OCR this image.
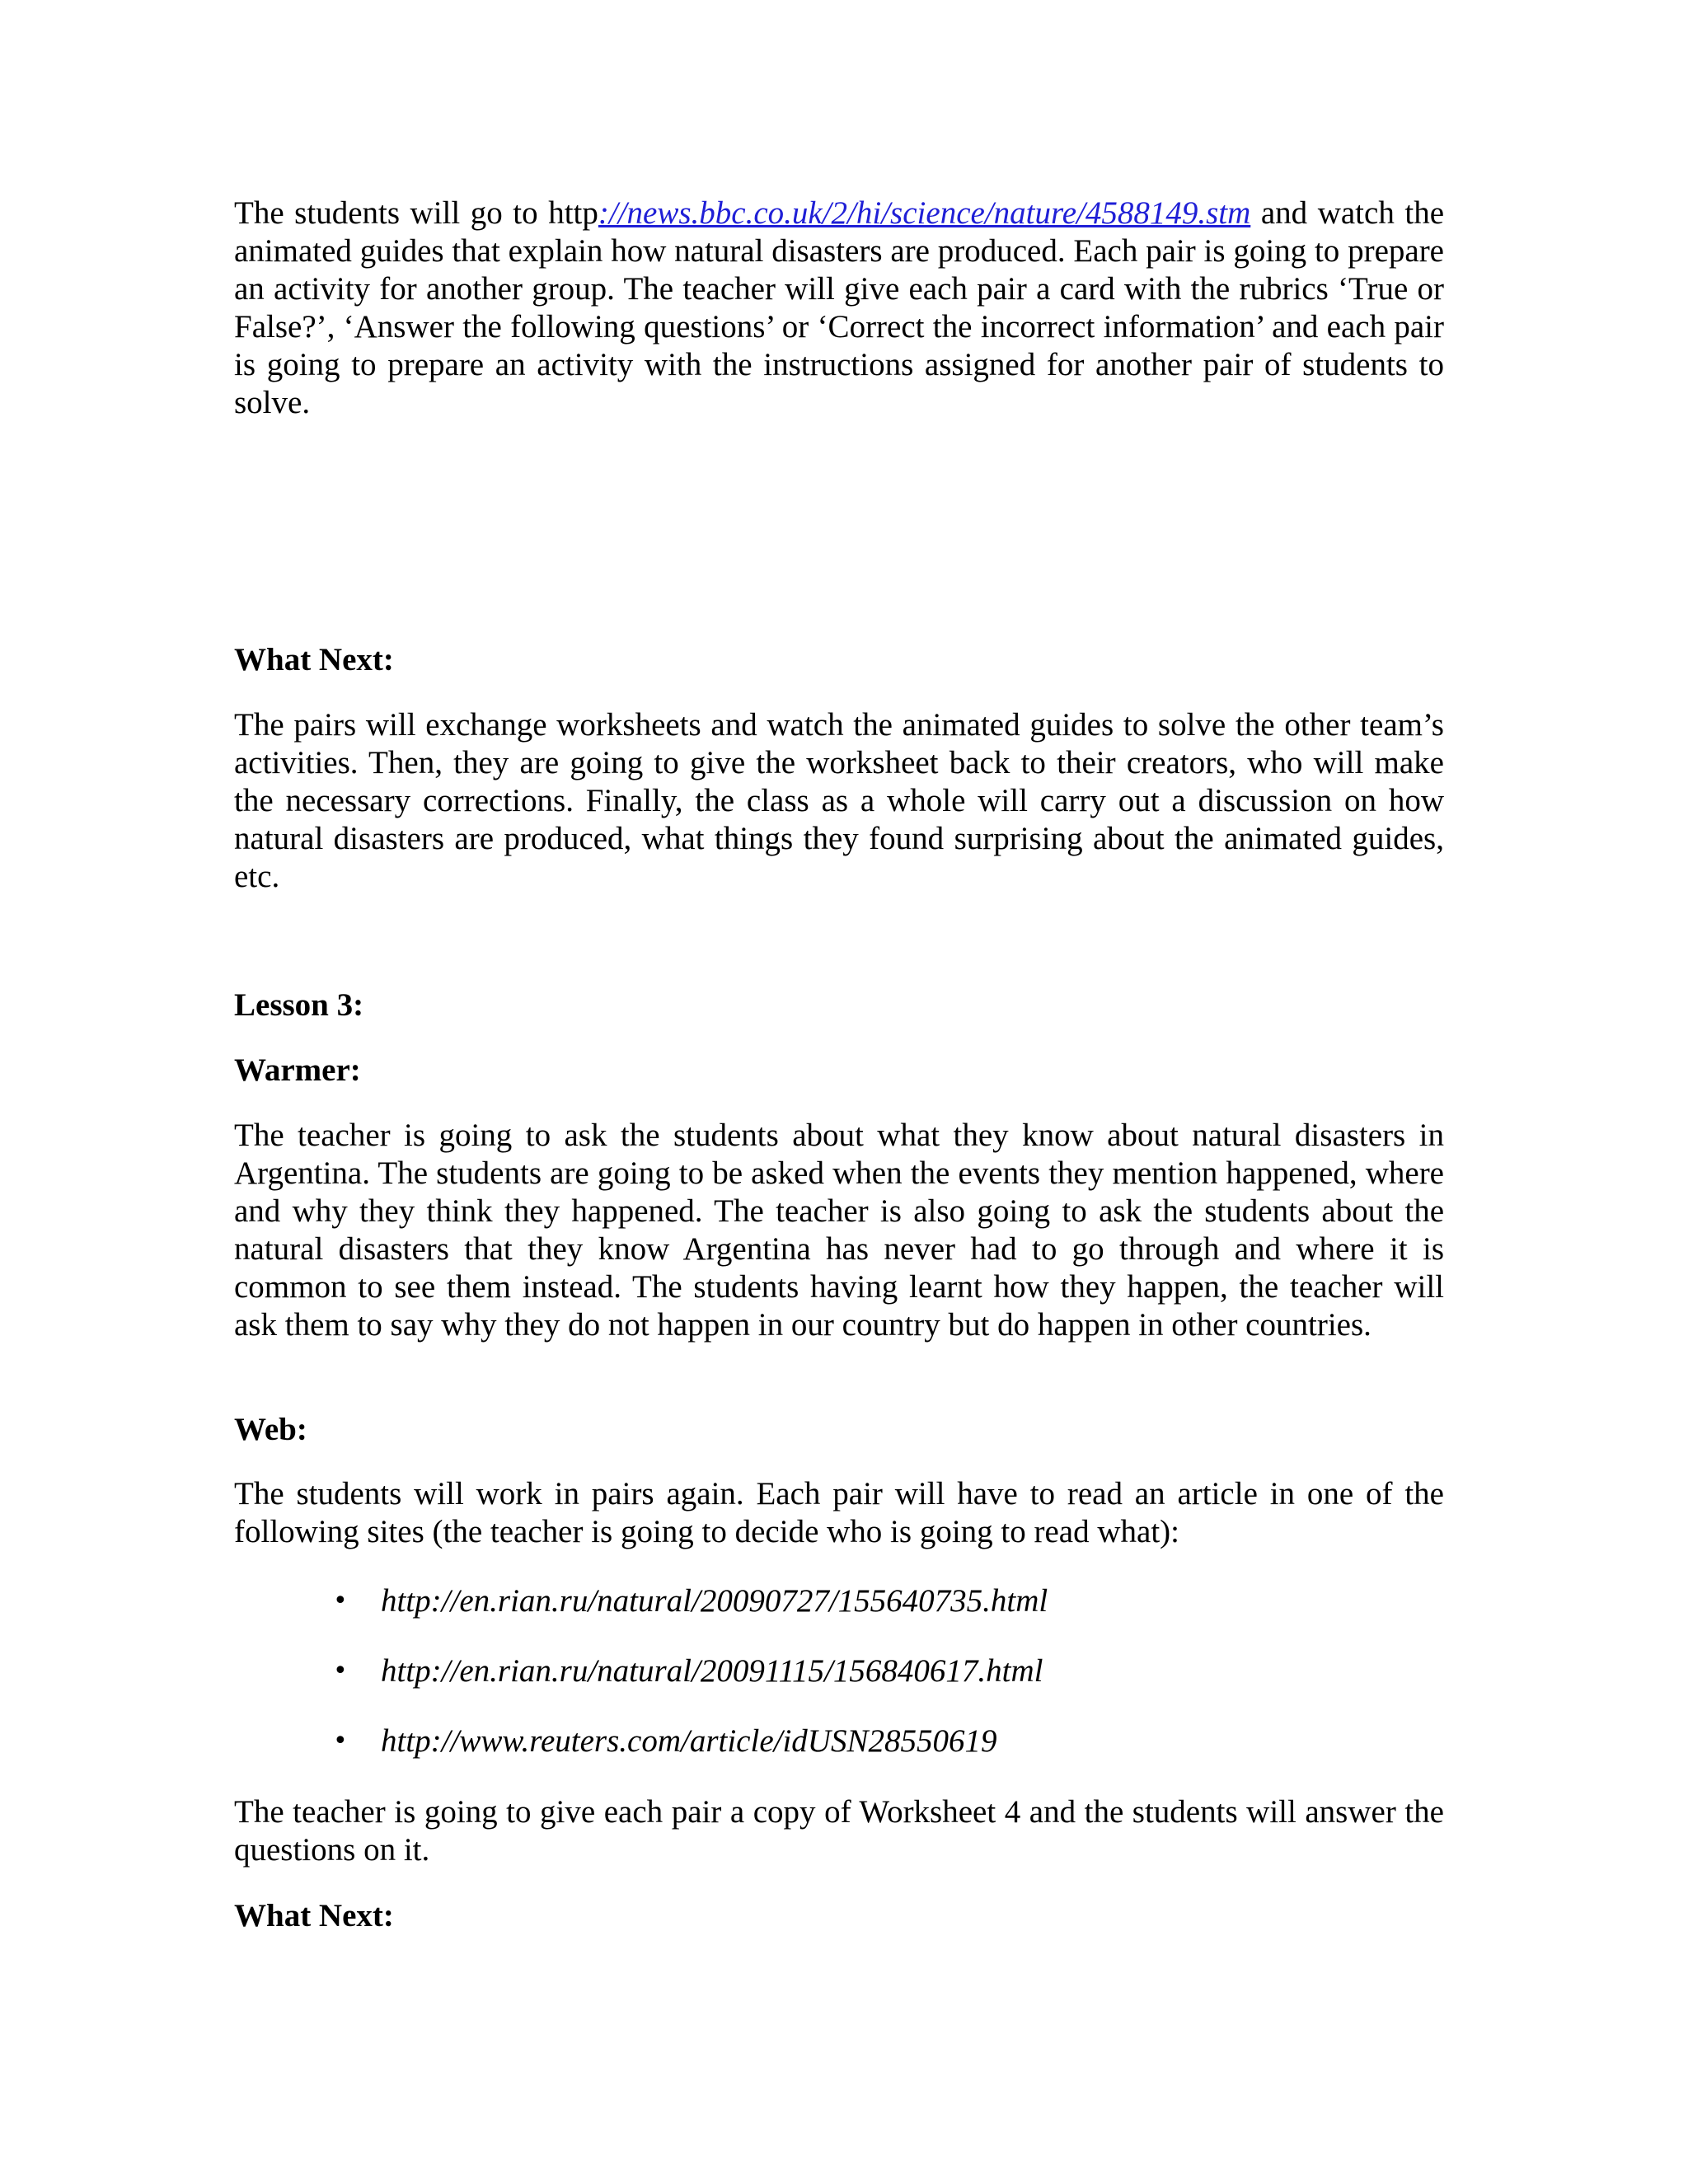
The students will go to http://news.bbc.co.uk/2/hi/science/nature/4588149.stm and watch the animated guides that explain how natural disasters are produced. Each pair is going to prepare an activity for another group. The teacher will give each pair a card with the rubrics ‘True or False?’, ‘Answer the following questions’ or ‘Correct the incorrect information’ and each pair is going to prepare an activity with the instructions assigned for another pair of students to solve.

What Next:

The pairs will exchange worksheets and watch the animated guides to solve the other team’s activities. Then, they are going to give the worksheet back to their creators, who will make the necessary corrections. Finally, the class as a whole will carry out a discussion on how natural disasters are produced, what things they found surprising about the animated guides, etc.

Lesson 3:

Warmer:

The teacher is going to ask the students about what they know about natural disasters in Argentina. The students are going to be asked when the events they mention happened, where and why they think they happened. The teacher is also going to ask the students about the natural disasters that they know Argentina has never had to go through and where it is common to see them instead. The students having learnt how they happen, the teacher will ask them to say why they do not happen in our country but do happen in other countries.

Web:

The students will work in pairs again. Each pair will have to read an article in one of the following sites (the teacher is going to decide who is going to read what):

• http://en.rian.ru/natural/20090727/155640735.html
• http://en.rian.ru/natural/20091115/156840617.html
• http://www.reuters.com/article/idUSN28550619

The teacher is going to give each pair a copy of Worksheet 4 and the students will answer the questions on it.

What Next:
